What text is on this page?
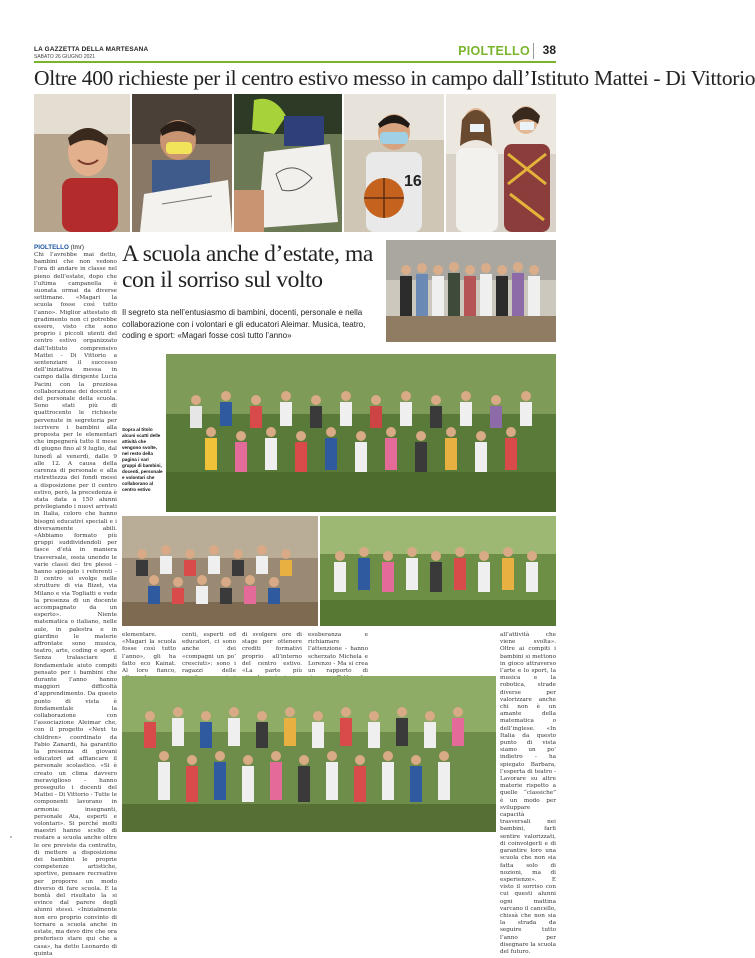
LA GAZZETTA DELLA MARTESANA
SABATO 26 GIUGNO 2021	PIOLTELLO	38
Oltre 400 richieste per il centro estivo messo in campo dall’Istituto Mattei - Di Vittorio
16
PIOLTELLO (tmr)
Chi l’avrebbe mai detto, bambini che non vedono l’ora di andare in classe nel pieno dell’estate, dopo che l’ultima campanella è suonata ormai da diverse settimane. «Magari la scuola fosse così tutto l’anno». Miglior attestato di gradimento non ci potrebbe essere, visto che sono proprio i piccoli utenti del centro estivo organizzato dall’Istituto comprensivo Mattei - Di Vittorio a sentenziare il successo dell’iniziativa messa in campo dalla dirigente Lucia Pacini con la preziosa collaborazione dei docenti e del personale della scuola. Sono stati più di quattrocento le richieste pervenute in segreteria per iscrivere i bambini alla proposta per le elementari che impegnerà tutto il mese di giugno fino al 9 luglio, dal lunedì al venerdì, dalle 9 alle 12. A causa della carenza di personale e alla ristrettezza dei fondi messi a disposizione per il centro estivo, però, la precedenza è stata data a 150 alunni privilegiando i nuovi arrivati in Italia, coloro che hanno bisogni educativi speciali e i diversamente abili. «Abbiamo formato più gruppi suddividendoli per fasce d’età in maniera trasversale, ossia unendo le varie classi dei tre plessi - hanno spiegato i referenti - Il centro si svolge nelle strutture di via Bizet, via Milano e via Togliatti e vede la presenza di un docente accompagnato da un esperto». Niente matematica o italiano, nelle aule, in palestra e in giardino le materie affrontate sono musica, teatro, arte, coding e sport. Senza tralasciare il fondamentale aiuto compiti pensato per i bambini che durante l’anno hanno maggiori difficoltà d’apprendimento. Da questo punto di vista è fondamentale la collaborazione con l’associazione Aleimar che, con il progetto «Next to children» coordinato da Fabio Zanardi, ha garantito la presenza di giovani educatori ad affiancare il personale scolastico. «Si è creato un clima davvero meraviglioso - hanno proseguito i docenti del Mattei - Di Vittorio - Tutte le componenti lavorano in armonia: insegnanti, personale Ata, esperti e volontari». Si perché molti maestri hanno scelto di restare a scuola anche oltre le ore previste da contratto, di mettere a disposizione dei bambini le proprie competenze artistiche, sportive, pensare recreative per proporre un modo diverso di fare scuola. E la bontà del risultato la si evince dal parere degli alunni stessi. «Inizialmente non ero proprio convinto di tornare a scuola anche in estate, ma devo dire che ora preferisco stare qui che a casa», ha detto Leonardo di quinta
A scuola anche d’estate, ma con il sorriso sul volto
Il segreto sta nell’entusiasmo di bambini, docenti, personale e nella collaborazione con i volontari e gli educatori Aleimar. Musica, teatro, coding e sport: «Magari fosse così tutto l’anno»
Sopra al titolo alcuni scatti delle attività che vengono svolte, nel resto della pagina i vari gruppi di bambini, docenti, personale e volontari che collaborano al centro estivo
elementare. «Magari la scuola fosse così tutto l’anno», gli ha fatto eco Kainat. Al loro fianco,
centi, esperti ed educatori, ci sono anche dei «compagni un po’ cresciuti»: sono i ragazzi delle
di svolgere ore di stage per ottenere crediti formativi proprio all’interno del centro estivo. «La parte più
esuberanza e richiamare l’attenzione - hanno scherzato Michela e Lorenzo - Ma si crea un rapporto di
all’attività che viene svolta». Oltre ai compiti i bambini si mettono in gioco attraverso l’arte e lo sport, la musica e la robotica, strade diverse per valorizzare anche chi non è un amante della matematica o dell’inglese. «In Italia da questo punto di vista siamo un po’ indietro - ha spiegato Barbara, l’esperta di teatro - Lavorare su altre materie rispetto a quelle “classiche” è un modo per sviluppare capacità trasversali nei bambini, farli sentire valorizzati, di coinvolgerli e di garantire loro una scuola che non sia fatta solo di nozioni, ma di esperienze». E visto il sorriso con cui questi alunni ogni mattina varcano il cancello, chissà che non sia la strada da seguire tutto l’anno per disegnare la scuola del futuro.
